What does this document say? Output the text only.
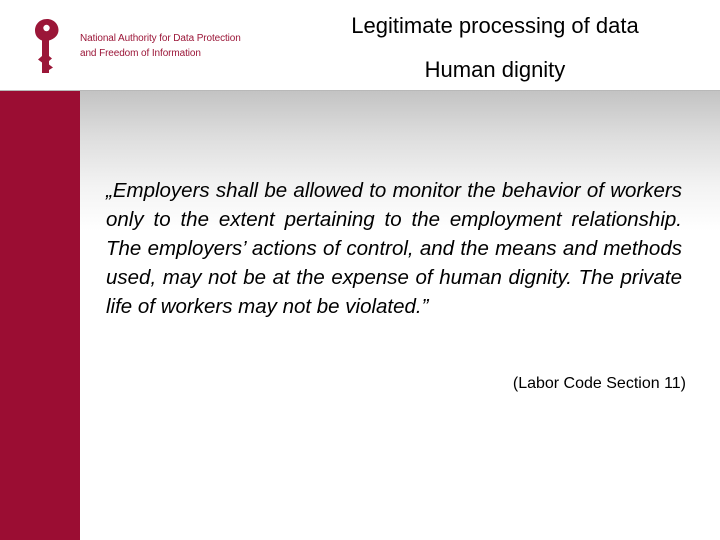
National Authority for Data Protection
and Freedom of Information
Legitimate processing of data
Human dignity
„Employers shall be allowed to monitor the behavior of workers only to the extent pertaining to the employment relationship. The employers’ actions of control, and the means and methods used, may not be at the expense of human dignity. The private life of workers may not be violated.”
(Labor Code Section 11)
